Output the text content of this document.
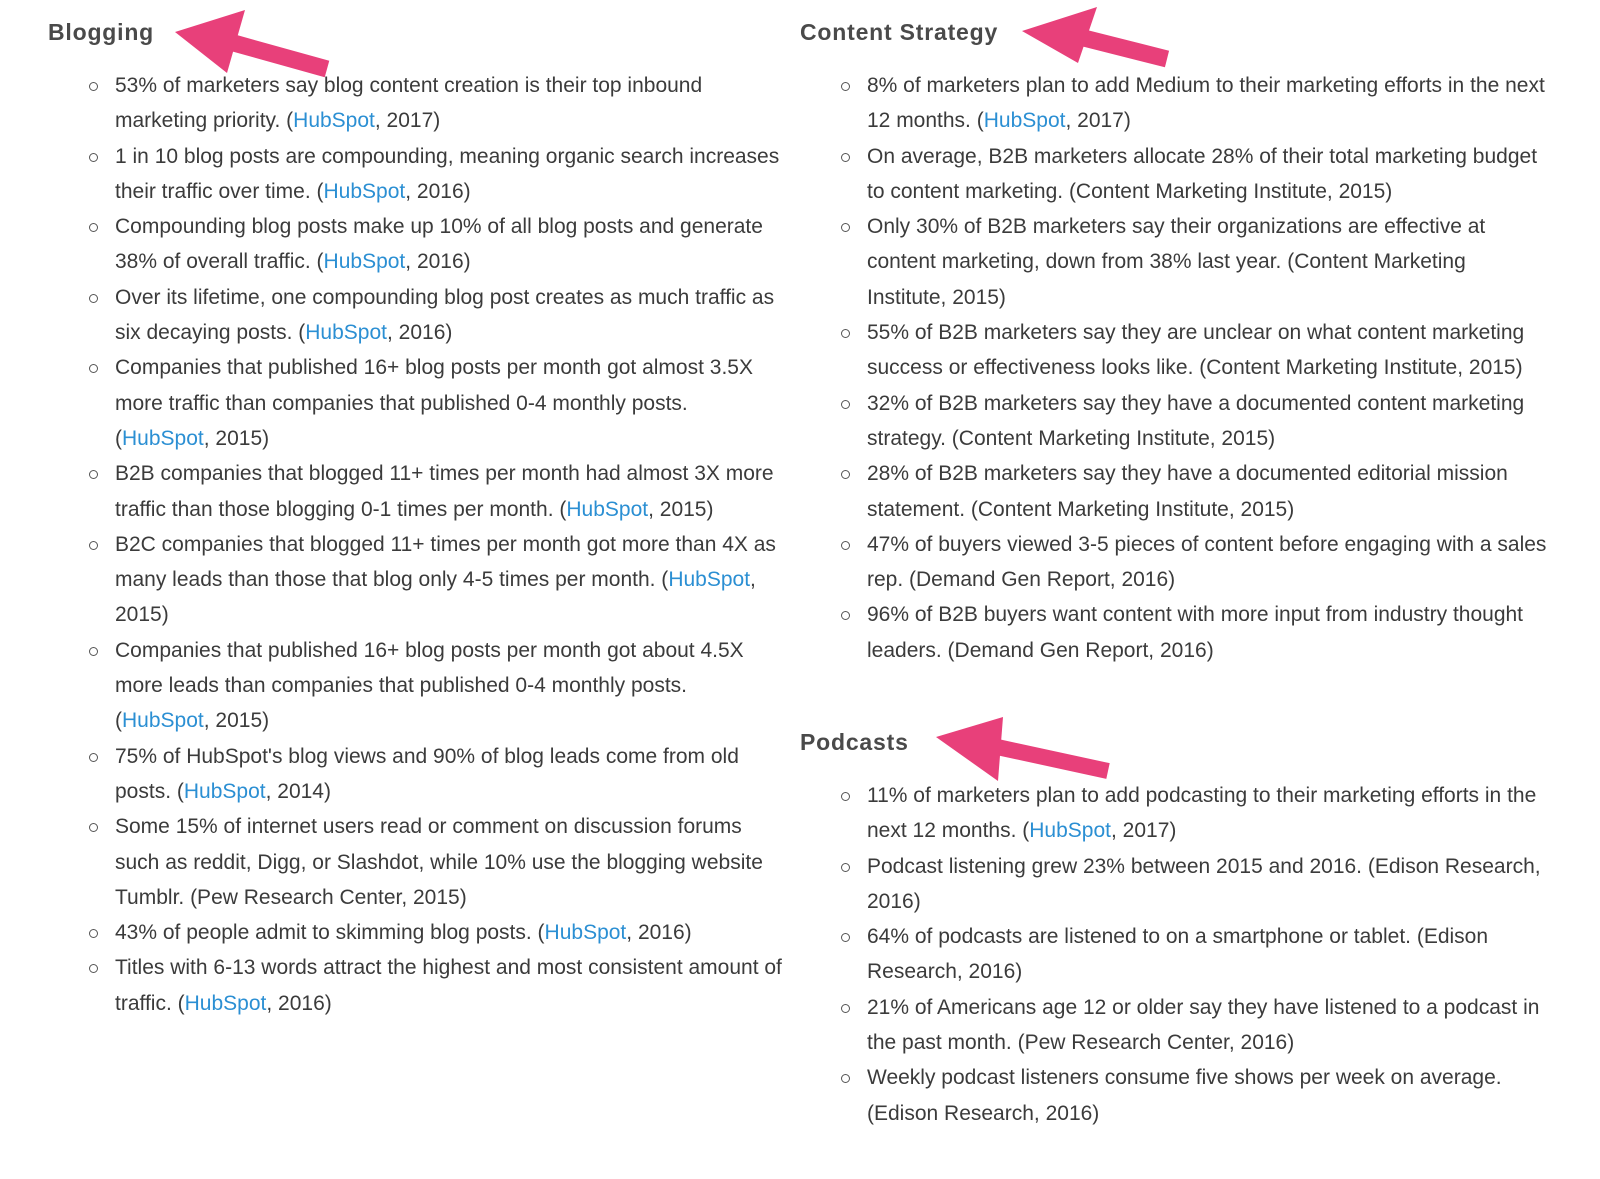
Blogging
53% of marketers say blog content creation is their top inbound marketing priority. (HubSpot, 2017)
1 in 10 blog posts are compounding, meaning organic search increases their traffic over time. (HubSpot, 2016)
Compounding blog posts make up 10% of all blog posts and generate 38% of overall traffic. (HubSpot, 2016)
Over its lifetime, one compounding blog post creates as much traffic as six decaying posts. (HubSpot, 2016)
Companies that published 16+ blog posts per month got almost 3.5X more traffic than companies that published 0-4 monthly posts. (HubSpot, 2015)
B2B companies that blogged 11+ times per month had almost 3X more traffic than those blogging 0-1 times per month. (HubSpot, 2015)
B2C companies that blogged 11+ times per month got more than 4X as many leads than those that blog only 4-5 times per month. (HubSpot, 2015)
Companies that published 16+ blog posts per month got about 4.5X more leads than companies that published 0-4 monthly posts. (HubSpot, 2015)
75% of HubSpot's blog views and 90% of blog leads come from old posts. (HubSpot, 2014)
Some 15% of internet users read or comment on discussion forums such as reddit, Digg, or Slashdot, while 10% use the blogging website Tumblr. (Pew Research Center, 2015)
43% of people admit to skimming blog posts. (HubSpot, 2016)
Titles with 6-13 words attract the highest and most consistent amount of traffic. (HubSpot, 2016)
Content Strategy
8% of marketers plan to add Medium to their marketing efforts in the next 12 months. (HubSpot, 2017)
On average, B2B marketers allocate 28% of their total marketing budget to content marketing. (Content Marketing Institute, 2015)
Only 30% of B2B marketers say their organizations are effective at content marketing, down from 38% last year. (Content Marketing Institute, 2015)
55% of B2B marketers say they are unclear on what content marketing success or effectiveness looks like. (Content Marketing Institute, 2015)
32% of B2B marketers say they have a documented content marketing strategy. (Content Marketing Institute, 2015)
28% of B2B marketers say they have a documented editorial mission statement. (Content Marketing Institute, 2015)
47% of buyers viewed 3-5 pieces of content before engaging with a sales rep. (Demand Gen Report, 2016)
96% of B2B buyers want content with more input from industry thought leaders. (Demand Gen Report, 2016)
Podcasts
11% of marketers plan to add podcasting to their marketing efforts in the next 12 months. (HubSpot, 2017)
Podcast listening grew 23% between 2015 and 2016. (Edison Research, 2016)
64% of podcasts are listened to on a smartphone or tablet. (Edison Research, 2016)
21% of Americans age 12 or older say they have listened to a podcast in the past month. (Pew Research Center, 2016)
Weekly podcast listeners consume five shows per week on average. (Edison Research, 2016)
